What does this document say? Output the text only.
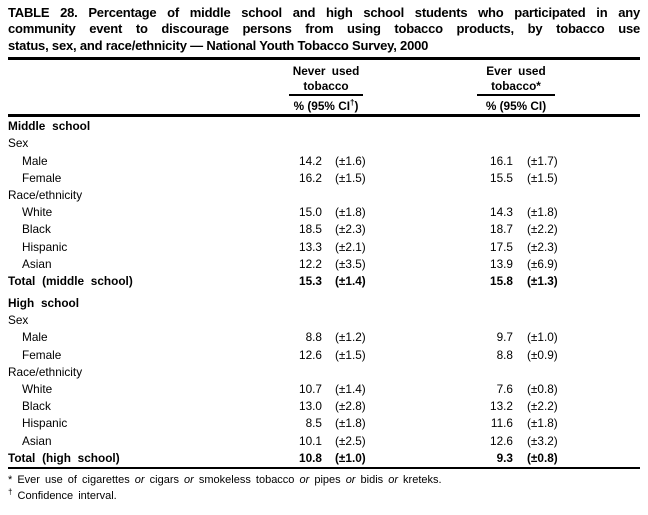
TABLE 28. Percentage of middle school and high school students who participated in any
community event to discourage persons from using tobacco products, by tobacco use
status, sex, and race/ethnicity — National Youth Tobacco Survey, 2000
Never used
tobacco
% (95% CI†)
Ever used
tobacco*
% (95% CI)
Middle school
Sex
Male	14.2	(±1.6)	16.1	(±1.7)
Female	16.2	(±1.5)	15.5	(±1.5)
Race/ethnicity
White	15.0	(±1.8)	14.3	(±1.8)
Black	18.5	(±2.3)	18.7	(±2.2)
Hispanic	13.3	(±2.1)	17.5	(±2.3)
Asian	12.2	(±3.5)	13.9	(±6.9)
Total (middle school)	15.3	(±1.4)	15.8	(±1.3)
High school
Sex
Male	8.8	(±1.2)	9.7	(±1.0)
Female	12.6	(±1.5)	8.8	(±0.9)
Race/ethnicity
White	10.7	(±1.4)	7.6	(±0.8)
Black	13.0	(±2.8)	13.2	(±2.2)
Hispanic	8.5	(±1.8)	11.6	(±1.8)
Asian	10.1	(±2.5)	12.6	(±3.2)
Total (high school)	10.8	(±1.0)	9.3	(±0.8)
* Ever use of cigarettes or cigars or smokeless tobacco or pipes or bidis or kreteks.
† Confidence interval.
